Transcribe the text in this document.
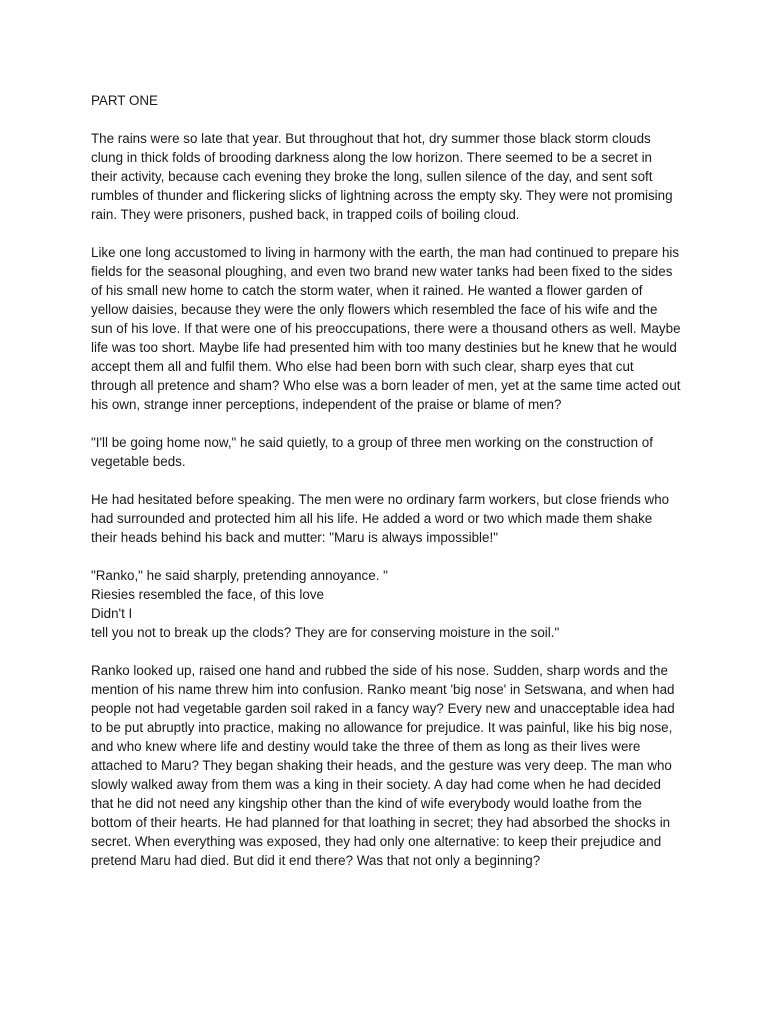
PART ONE

The rains were so late that year. But throughout that hot, dry summer those black storm clouds clung in thick folds of brooding darkness along the low horizon. There seemed to be a secret in their activity, because cach evening they broke the long, sullen silence of the day, and sent soft rumbles of thunder and flickering slicks of lightning across the empty sky. They were not promising rain. They were prisoners, pushed back, in trapped coils of boiling cloud.

Like one long accustomed to living in harmony with the earth, the man had continued to prepare his fields for the seasonal ploughing, and even two brand new water tanks had been fixed to the sides of his small new home to catch the storm water, when it rained. He wanted a flower garden of yellow daisies, because they were the only flowers which resembled the face of his wife and the sun of his love. If that were one of his preoccupations, there were a thousand others as well. Maybe life was too short. Maybe life had presented him with too many destinies but he knew that he would accept them all and fulfil them. Who else had been born with such clear, sharp eyes that cut through all pretence and sham? Who else was a born leader of men, yet at the same time acted out his own, strange inner perceptions, independent of the praise or blame of men?

"I'll be going home now," he said quietly, to a group of three men working on the construction of vegetable beds.

He had hesitated before speaking. The men were no ordinary farm workers, but close friends who had surrounded and protected him all his life. He added a word or two which made them shake their heads behind his back and mutter: "Maru is always impossible!"

"Ranko," he said sharply, pretending annoyance. "
Riesies resembled the face, of this love
Didn't I
tell you not to break up the clods? They are for conserving moisture in the soil."

Ranko looked up, raised one hand and rubbed the side of his nose. Sudden, sharp words and the mention of his name threw him into confusion. Ranko meant 'big nose' in Setswana, and when had people not had vegetable garden soil raked in a fancy way? Every new and unacceptable idea had to be put abruptly into practice, making no allowance for prejudice. It was painful, like his big nose, and who knew where life and destiny would take the three of them as long as their lives were attached to Maru? They began shaking their heads, and the gesture was very deep. The man who slowly walked away from them was a king in their society. A day had come when he had decided that he did not need any kingship other than the kind of wife everybody would loathe from the bottom of their hearts. He had planned for that loathing in secret; they had absorbed the shocks in secret. When everything was exposed, they had only one alternative: to keep their prejudice and pretend Maru had died. But did it end there? Was that not only a beginning?
